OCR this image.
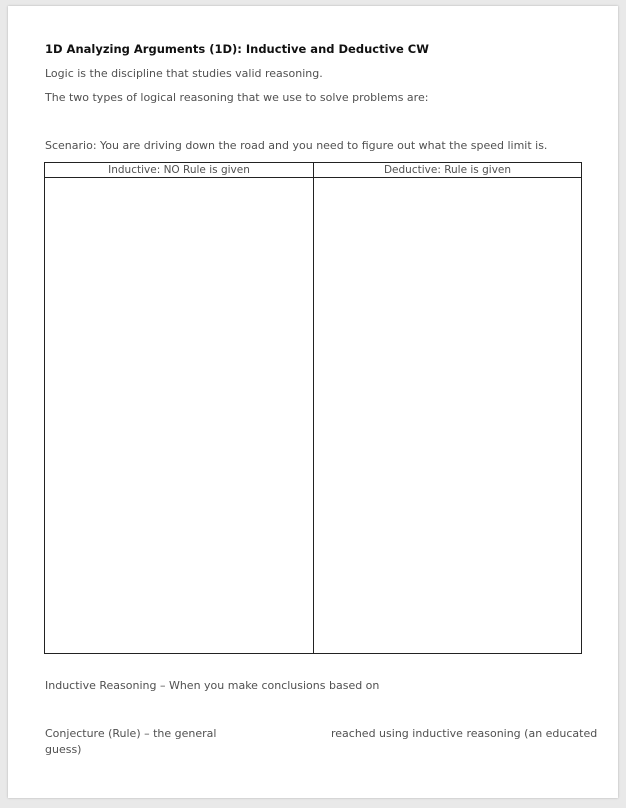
1D Analyzing Arguments (1D): Inductive and Deductive CW
Logic is the discipline that studies valid reasoning.
The two types of logical reasoning that we use to solve problems are:
Scenario: You are driving down the road and you need to figure out what the speed limit is.
Inductive: NO Rule is given	Deductive: Rule is given
Inductive Reasoning – When you make conclusions based on
Conjecture (Rule) – the general	reached using inductive reasoning (an educated
guess)
